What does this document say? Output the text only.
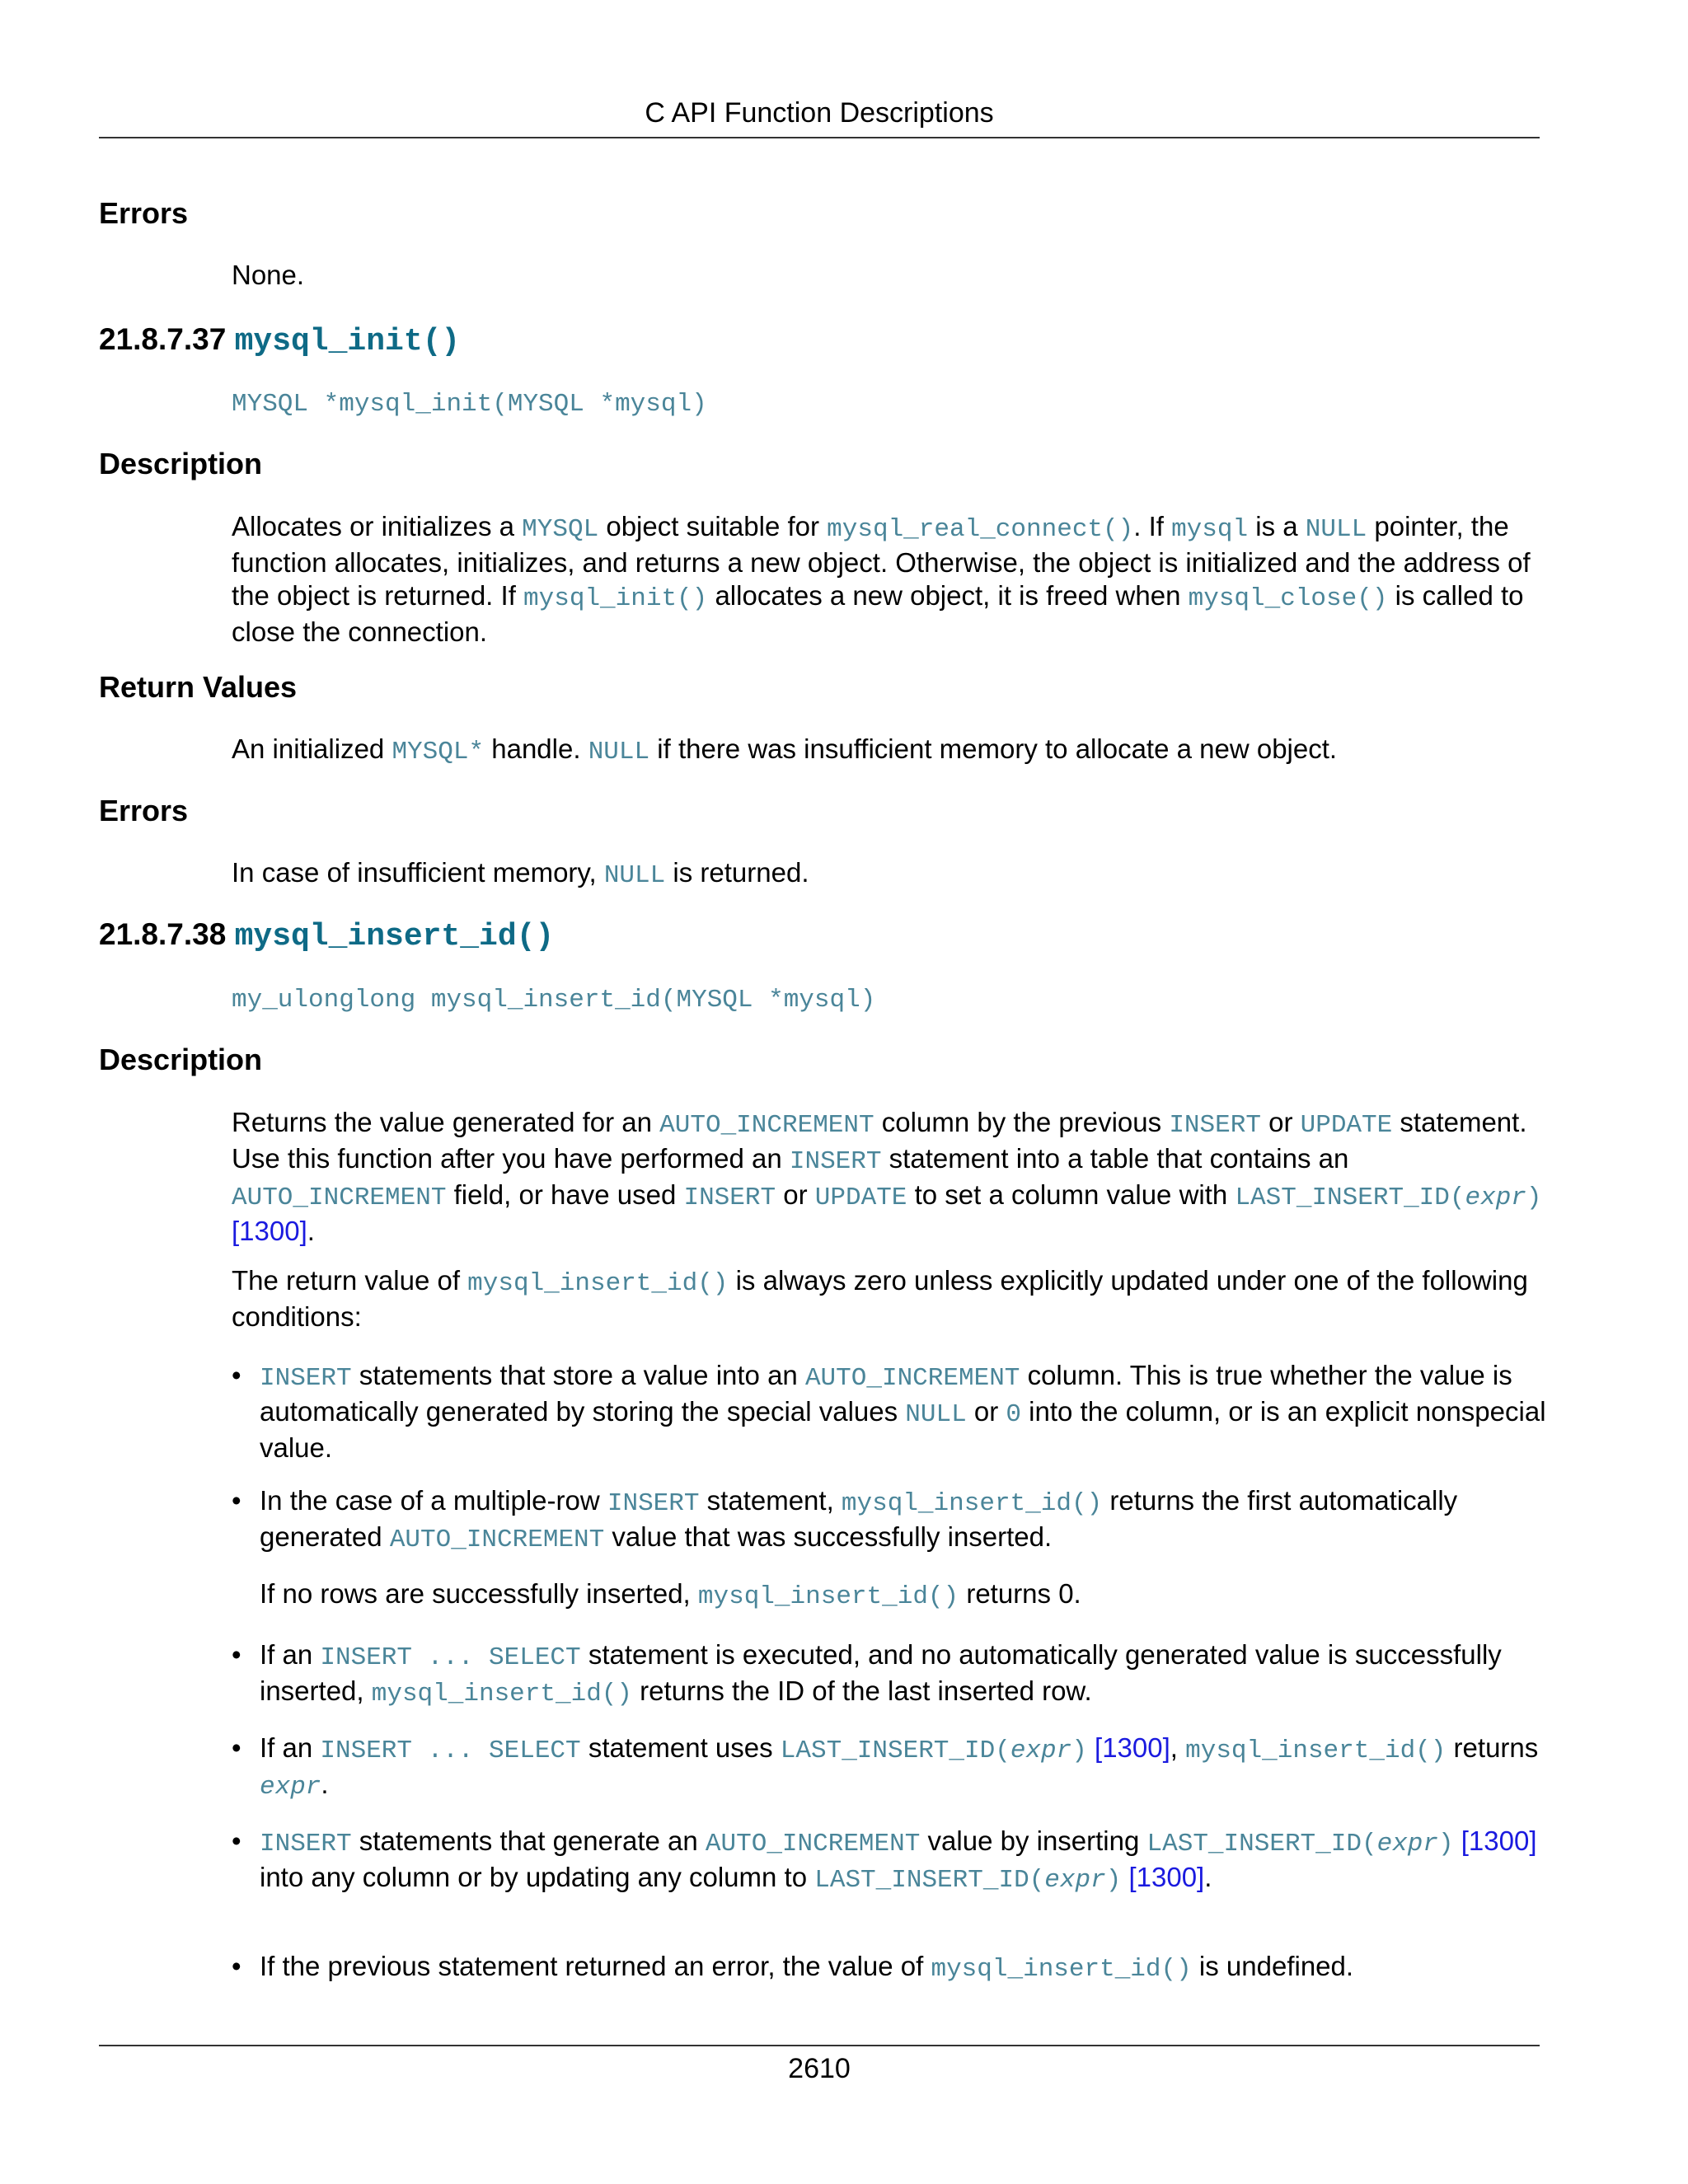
C API Function Descriptions
Errors

None.

21.8.7.37 mysql_init()
MYSQL *mysql_init(MYSQL *mysql)
Description

Allocates or initializes a MYSQL object suitable for mysql_real_connect(). If mysql is a NULL pointer, the function allocates, initializes, and returns a new object. Otherwise, the object is initialized and the address of the object is returned. If mysql_init() allocates a new object, it is freed when mysql_close() is called to close the connection.

Return Values

An initialized MYSQL* handle. NULL if there was insufficient memory to allocate a new object.

Errors

In case of insufficient memory, NULL is returned.

21.8.7.38 mysql_insert_id()
my_ulonglong mysql_insert_id(MYSQL *mysql)
Description

Returns the value generated for an AUTO_INCREMENT column by the previous INSERT or UPDATE statement. Use this function after you have performed an INSERT statement into a table that contains an AUTO_INCREMENT field, or have used INSERT or UPDATE to set a column value with LAST_INSERT_ID(expr) [1300].

The return value of mysql_insert_id() is always zero unless explicitly updated under one of the following conditions:

• INSERT statements that store a value into an AUTO_INCREMENT column. This is true whether the value is automatically generated by storing the special values NULL or 0 into the column, or is an explicit nonspecial value.
• In the case of a multiple-row INSERT statement, mysql_insert_id() returns the first automatically generated AUTO_INCREMENT value that was successfully inserted.
If no rows are successfully inserted, mysql_insert_id() returns 0.
• If an INSERT ... SELECT statement is executed, and no automatically generated value is successfully inserted, mysql_insert_id() returns the ID of the last inserted row.
• If an INSERT ... SELECT statement uses LAST_INSERT_ID(expr) [1300], mysql_insert_id() returns expr.
• INSERT statements that generate an AUTO_INCREMENT value by inserting LAST_INSERT_ID(expr) [1300] into any column or by updating any column to LAST_INSERT_ID(expr) [1300].
• If the previous statement returned an error, the value of mysql_insert_id() is undefined.
2610
